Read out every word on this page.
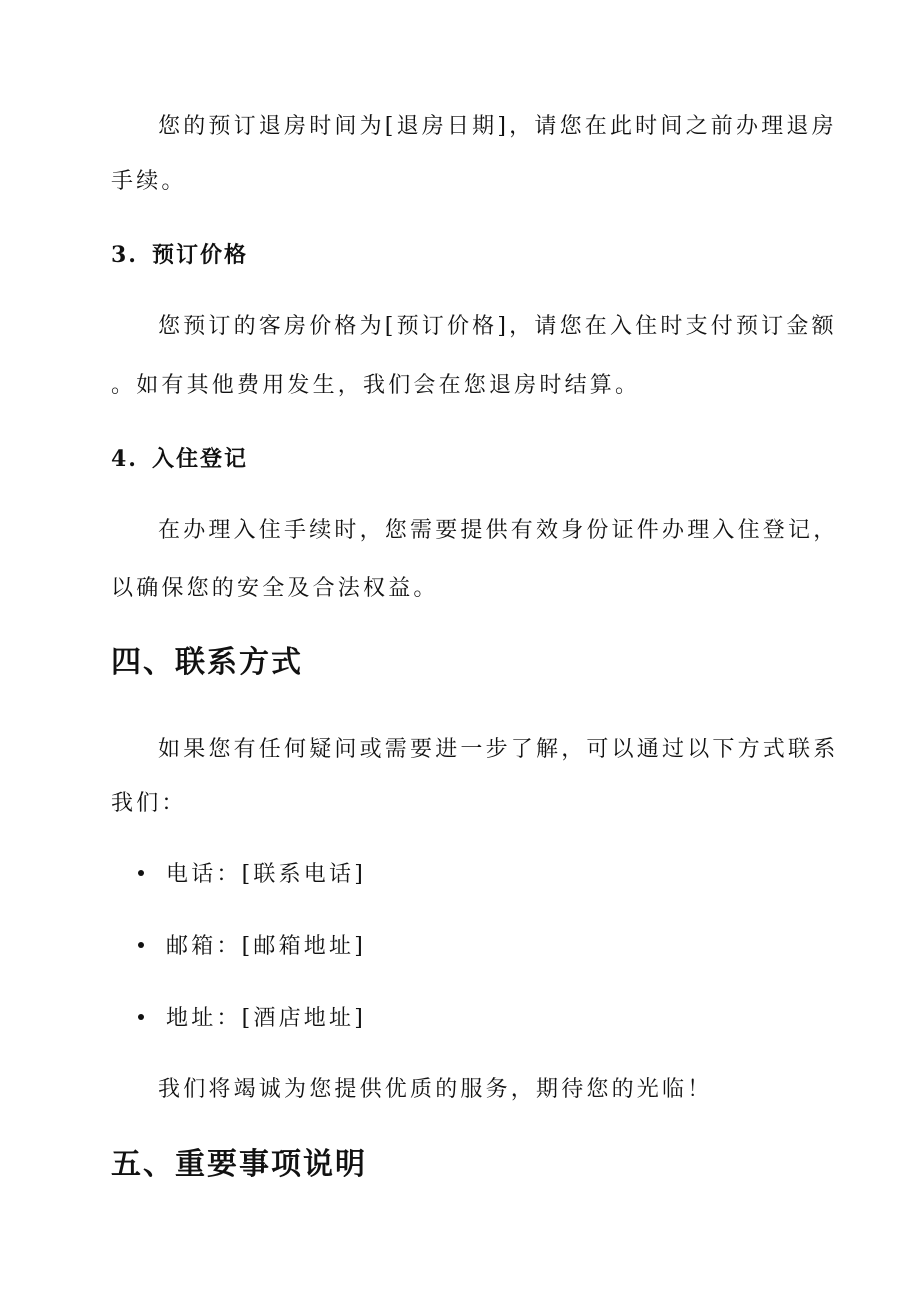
您的预订退房时间为[退房日期]，请您在此时间之前办理退房
手续。
3. 预订价格
您预订的客房价格为[预订价格]，请您在入住时支付预订金额
。如有其他费用发生，我们会在您退房时结算。
4. 入住登记
在办理入住手续时，您需要提供有效身份证件办理入住登记，
以确保您的安全及合法权益。
四、联系方式
如果您有任何疑问或需要进一步了解，可以通过以下方式联系
我们：
电话：[联系电话]
邮箱：[邮箱地址]
地址：[酒店地址]
我们将竭诚为您提供优质的服务，期待您的光临！
五、重要事项说明
